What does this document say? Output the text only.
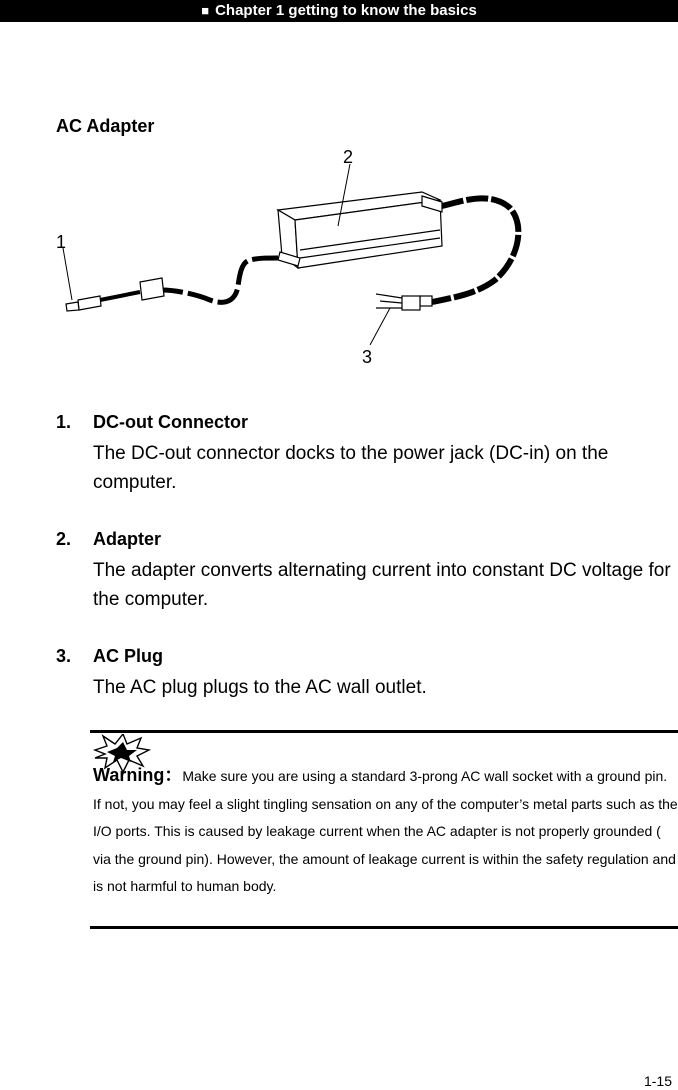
■ Chapter 1 getting to know the basics
AC Adapter
1
2
3
1. DC-out Connector
The DC-out connector docks to the power jack (DC-in) on the computer.
2. Adapter
The adapter converts alternating current into constant DC voltage for the computer.
3. AC Plug
The AC plug plugs to the AC wall outlet.
Warning：Make sure you are using a standard 3-prong AC wall socket with a ground pin. If not, you may feel a slight tingling sensation on any of the computer’s metal parts such as the I/O ports. This is caused by leakage current when the AC adapter is not properly grounded ( via the ground pin). However, the amount of leakage current is within the safety regulation and is not harmful to human body.
1-15
